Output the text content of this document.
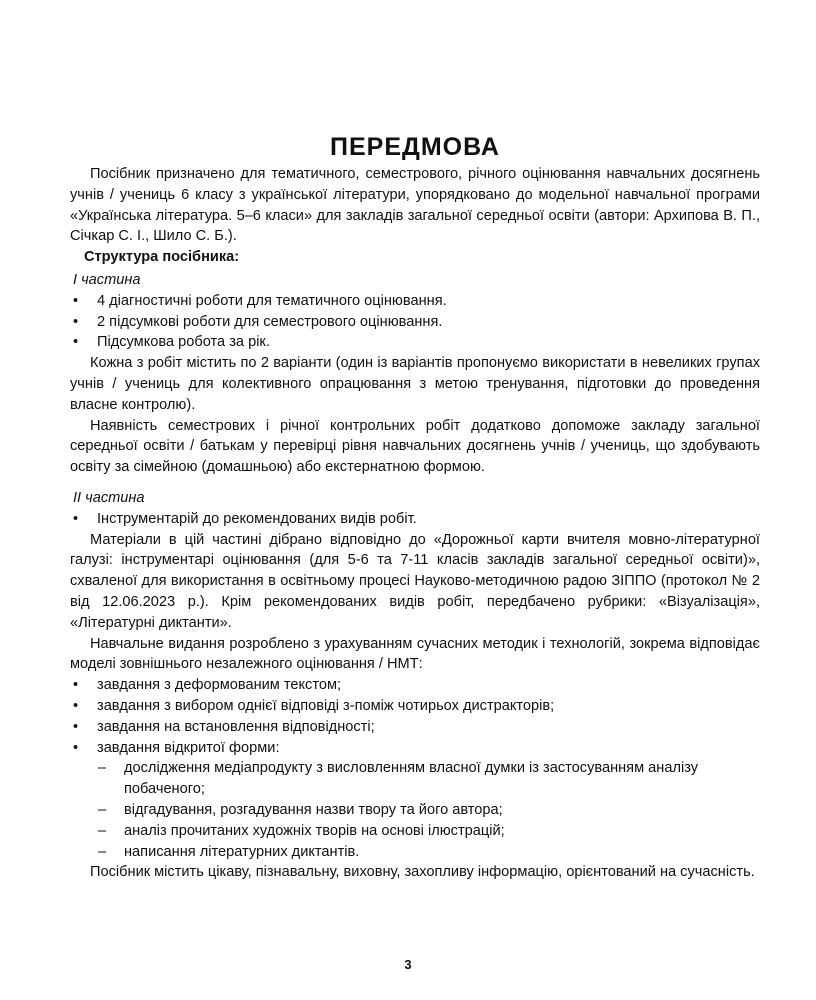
ПЕРЕДМОВА

Посібник призначено для тематичного, семестрового, річного оцінювання навчальних досягнень учнів / учениць 6 класу з української літератури, упорядковано до модельної навчальної програми «Українська література. 5–6 класи» для закладів загальної середньої освіти (автори: Архипова В. П., Січкар С. І., Шило С. Б.).

Структура посібника:
І частина
• 4 діагностичні роботи для тематичного оцінювання.
• 2 підсумкові роботи для семестрового оцінювання.
• Підсумкова робота за рік.

Кожна з робіт містить по 2 варіанти (один із варіантів пропонуємо використати в невеликих групах учнів / учениць для колективного опрацювання з метою тренування, підготовки до проведення власне контролю).

Наявність семестрових і річної контрольних робіт додатково допоможе закладу загальної середньої освіти / батькам у перевірці рівня навчальних досягнень учнів / учениць, що здобувають освіту за сімейною (домашньою) або екстернатною формою.

ІІ частина
• Інструментарій до рекомендованих видів робіт.

Матеріали в цій частині дібрано відповідно до «Дорожньої карти вчителя мовно-літературної галузі: інструментарі оцінювання (для 5-6 та 7-11 класів закладів загальної середньої освіти)», схваленої для використання в освітньому процесі Науково-методичною радою ЗІППО (протокол № 2 від 12.06.2023 р.). Крім рекомендованих видів робіт, передбачено рубрики: «Візуалізація», «Літературні диктанти».

Навчальне видання розроблено з урахуванням сучасних методик і технологій, зокрема відповідає моделі зовнішнього незалежного оцінювання / НМТ:

• завдання з деформованим текстом;
• завдання з вибором однієї відповіді з-поміж чотирьох дистракторів;
• завдання на встановлення відповідності;
• завдання відкритої форми:
– дослідження медіапродукту з висловленням власної думки із застосуванням аналізу побаченого;
– відгадування, розгадування назви твору та його автора;
– аналіз прочитаних художніх творів на основі ілюстрацій;
– написання літературних диктантів.

Посібник містить цікаву, пізнавальну, виховну, захопливу інформацію, орієнтований на сучасність.

3
